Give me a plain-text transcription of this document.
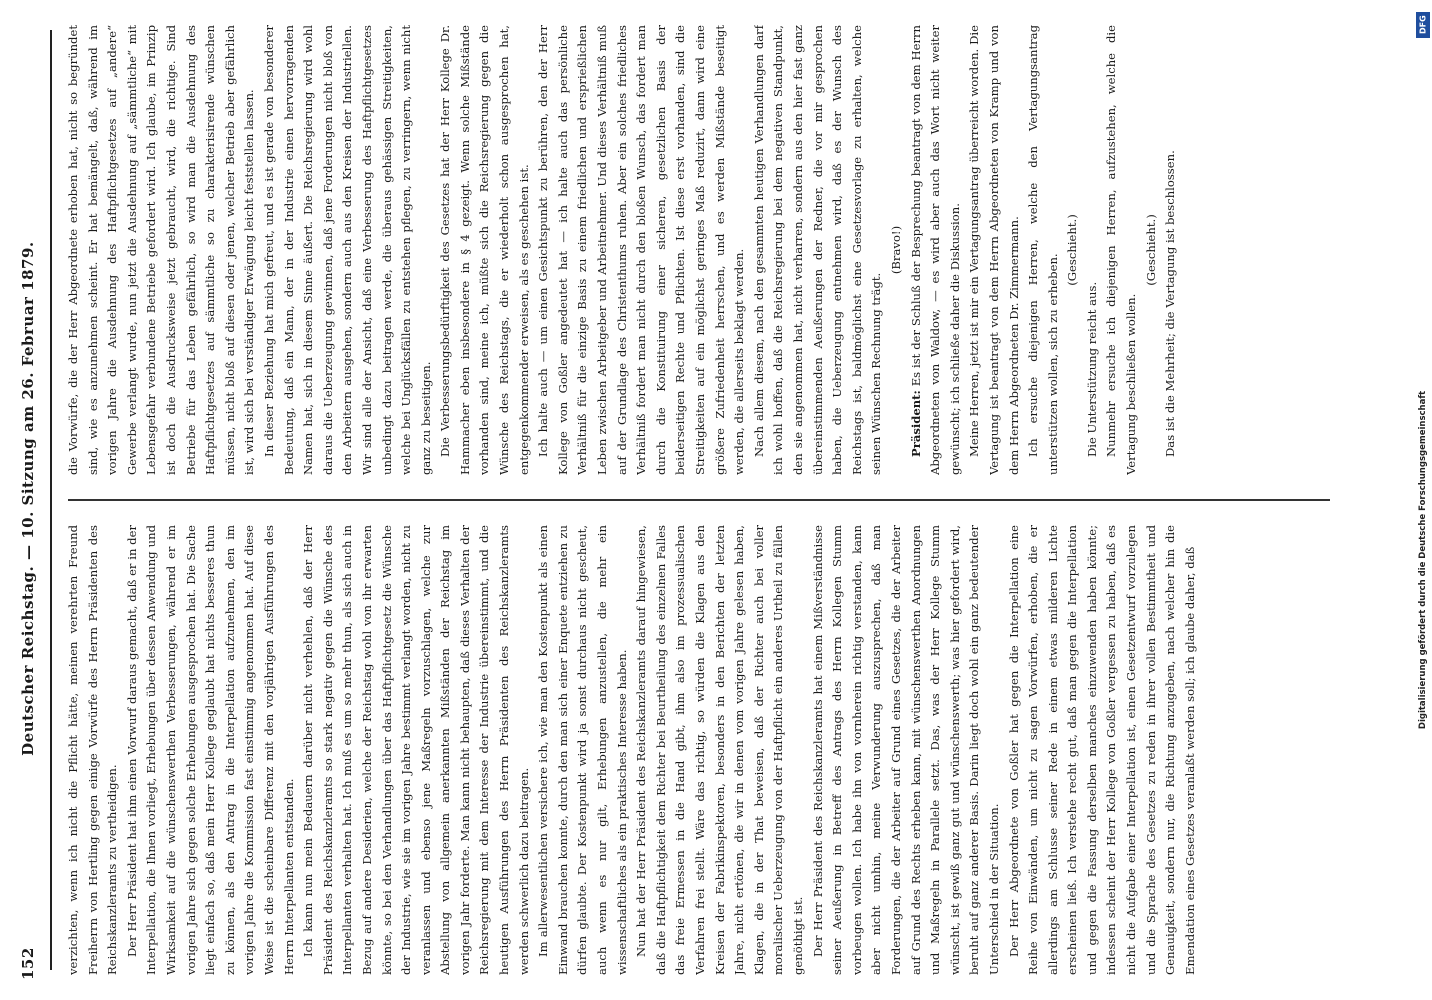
152
Deutscher Reichstag. — 10. Sitzung am 26. Februar 1879.	verzichten, wenn ich nicht die Pflicht hätte, meinen verehrten Freund Freiherrn von Hertling gegen einige Vorwürfe des Herrn Präsidenten des Reichskanzleramts zu vertheidigen. Der Herr Präsident hat ihm einen Vorwurf daraus gemacht, daß er in der Interpellation, die Ihnen vorliegt, Erhebungen über dessen Anwendung und Wirksamkeit auf die wünschenswerthen Verbesserungen, während er im vorigen Jahre sich gegen solche Erhebungen ausgesprochen hat. Die Sache liegt einfach so, daß mein Herr Kollege geglaubt hat nichts besseres thun zu können, als den Antrag in die Interpellation aufzunehmen, den im vorigen Jahre die Kommission fast einstimmig angenommen hat. Auf diese Weise ist die scheinbare Differenz mit den vorjährigen Ausführungen des Herrn Interpellanten entstanden. Ich kann nun mein Bedauern darüber nicht verhehlen, daß der Herr Präsident des Reichskanzleramts so stark negativ gegen die Wünsche des Interpellanten verhalten hat. Ich muß es um so mehr thun, als sich auch in Bezug auf andere Desiderien, welche der Reichstag wohl von ihr erwarten könnte, so bei den Verhandlungen über das Haftpflichtgesetz die Wünsche der Industrie, wie sie im vorigen Jahre bestimmt verlangt worden, nicht zu veranlassen und ebenso jene Maßregeln vorzuschlagen, welche zur Abstellung von allgemein anerkannten Mißständen der Reichstag im vorigen Jahr forderte. Man kann nicht behaupten, daß dieses Verhalten der Reichsregierung mit dem Interesse der Industrie übereinstimmt, und die heutigen Ausführungen des Herrn Präsidenten des Reichskanzleramts werden schwerlich dazu beitragen. Im allerwesentlichen versichere ich, wie man den Kostenpunkt als einen Einwand brauchen konnte, durch den man sich einer Enquete entziehen zu dürfen glaubte. Der Kostenpunkt wird ja sonst durchaus nicht gescheut, auch wenn es nur gilt, Erhebungen anzustellen, die mehr ein wissenschaftliches als ein praktisches Interesse haben. Nun hat der Herr Präsident des Reichskanzleramts darauf hingewiesen, daß die Haftpflichtigkeit dem Richter bei Beurtheilung des einzelnen Falles das freie Ermessen in die Hand gibt, ihm also im prozessualischen Verfahren frei stellt. Wäre das richtig, so würden die Klagen aus den Kreisen der Fabrikinspektoren, besonders in den Berichten der letzten Jahre, nicht ertönen, die wir in denen vom vorigen Jahre gelesen haben, Klagen, die in der That beweisen, daß der Richter auch bei voller moralischer Ueberzeugung von der Haftpflicht ein anderes Urtheil zu fällen genöthigt ist. Der Herr Präsident des Reichskanzleramts hat einem Mißverständnisse seiner Aeußerung in Betreff des Antrags des Herrn Kollegen Stumm vorbeugen wollen. Ich habe ihn von vornherein richtig verstanden, kann aber nicht umhin, meine Verwunderung auszusprechen, daß man Forderungen, die der Arbeiter auf Grund eines Gesetzes, die der Arbeiter auf Grund des Rechts erheben kann, mit wünschenswerthen Anordnungen und Maßregeln in Parallele setzt. Das, was der Herr Kollege Stumm wünscht, ist gewiß ganz gut und wünschenswerth; was hier gefordert wird, beruht auf ganz anderer Basis. Darin liegt doch wohl ein ganz bedeutender Unterschied in der Situation. Der Herr Abgeordnete von Goßler hat gegen die Interpellation eine Reihe von Einwänden, um nicht zu sagen Vorwürfen, erhoben, die er allerdings am Schlusse seiner Rede in einem etwas milderen Lichte erscheinen ließ. Ich verstehe recht gut, daß man gegen die Interpellation und gegen die Fassung derselben manches einzuwenden haben könnte; indessen scheint der Herr Kollege von Goßler vergessen zu haben, daß es nicht die Aufgabe einer Interpellation ist, einen Gesetzentwurf vorzulegen und die Sprache des Gesetzes zu reden in ihrer vollen Bestimmtheit und Genauigkeit, sondern nur, die Richtung anzugeben, nach welcher hin die Emendation eines Gesetzes veranlaßt werden soll; ich glaube daher, daß

die Vorwürfe, die der Herr Abgeordnete erhoben hat, nicht so begründet sind, wie es anzunehmen scheint. Er hat bemängelt, daß, während im vorigen Jahre die Ausdehnung des Haftpflichtgesetzes auf „andere“ Gewerbe verlangt wurde, nun jetzt die Ausdehnung auf „sämmtliche“ mit Lebensgefahr verbundene Betriebe gefordert wird. Ich glaube, im Prinzip ist doch die Ausdrucksweise jetzt gebraucht, wird, die richtige. Sind Betriebe für das Leben gefährlich, so wird man die Ausdehnung des Haftpflichtgesetzes auf sämmtliche so zu charakterisirende wünschen müssen, nicht bloß auf diesen oder jenen, welcher Betrieb aber gefährlich ist, wird sich bei verständiger Erwägung leicht feststellen lassen. In dieser Beziehung hat mich gefreut, und es ist gerade von besonderer Bedeutung, daß ein Mann, der in der Industrie einen hervorragenden Namen hat, sich in diesem Sinne äußert. Die Reichsregierung wird wohl daraus die Ueberzeugung gewinnen, daß jene Forderungen nicht bloß von den Arbeitern ausgehen, sondern auch aus den Kreisen der Industriellen. Wir sind alle der Ansicht, daß eine Verbesserung des Haftpflichtgesetzes unbedingt dazu beitragen werde, die überaus gehässigen Streitigkeiten, welche bei Unglücksfällen zu entstehen pflegen, zu verringern, wenn nicht ganz zu beseitigen. Die Verbesserungsbedürftigkeit des Gesetzes hat der Herr Kollege Dr. Hammacher eben insbesondere in § 4 gezeigt. Wenn solche Mißstände vorhanden sind, meine ich, müßte sich die Reichsregierung gegen die Wünsche des Reichstags, die er wiederholt schon ausgesprochen hat, entgegenkommender erweisen, als es geschehen ist. Ich halte auch — um einen Gesichtspunkt zu berühren, den der Herr Kollege von Goßler angedeutet hat — ich halte auch das persönliche Verhältniß für die einzige Basis zu einem friedlichen und ersprießlichen Leben zwischen Arbeitgeber und Arbeitnehmer. Und dieses Verhältniß muß auf der Grundlage des Christenthums ruhen. Aber ein solches friedliches Verhältniß fordert man nicht durch den bloßen Wunsch, das fordert man durch die Konstituirung einer sicheren, gesetzlichen Basis der beiderseitigen Rechte und Pflichten. Ist diese erst vorhanden, sind die Streitigkeiten auf ein möglichst geringes Maß reduzirt, dann wird eine größere Zufriedenheit herrschen, und es werden Mißstände beseitigt werden, die allerseits beklagt werden. Nach allem diesem, nach den gesammten heutigen Verhandlungen darf ich wohl hoffen, daß die Reichsregierung bei dem negativen Standpunkt, den sie angenommen hat, nicht verharren, sondern aus den hier fast ganz übereinstimmenden Aeußerungen der Redner, die vor mir gesprochen haben, die Ueberzeugung entnehmen wird, daß es der Wunsch des Reichstags ist, baldmöglichst eine Gesetzesvorlage zu erhalten, welche seinen Wünschen Rechnung trägt.

(Bravo!)

Präsident: Es ist der Schluß der Besprechung beantragt von dem Herrn Abgeordneten von Waldow, — es wird aber auch das Wort nicht weiter gewünscht; ich schließe daher die Diskussion. Meine Herren, jetzt ist mir ein Vertagungsantrag überreicht worden. Die Vertagung ist beantragt von dem Herrn Abgeordneten von Kramp und von dem Herrn Abgeordneten Dr. Zimmermann. Ich ersuche diejenigen Herren, welche den Vertagungsantrag unterstützen wollen, sich zu erheben.

(Geschieht.)

Die Unterstützung reicht aus. Nunmehr ersuche ich diejenigen Herren, aufzustehen, welche die Vertagung beschließen wollen.

(Geschieht.) Das ist die Mehrheit; die Vertagung ist beschlossen.

DFG
Digitalisierung gefördert durch die Deutsche Forschungsgemeinschaft
